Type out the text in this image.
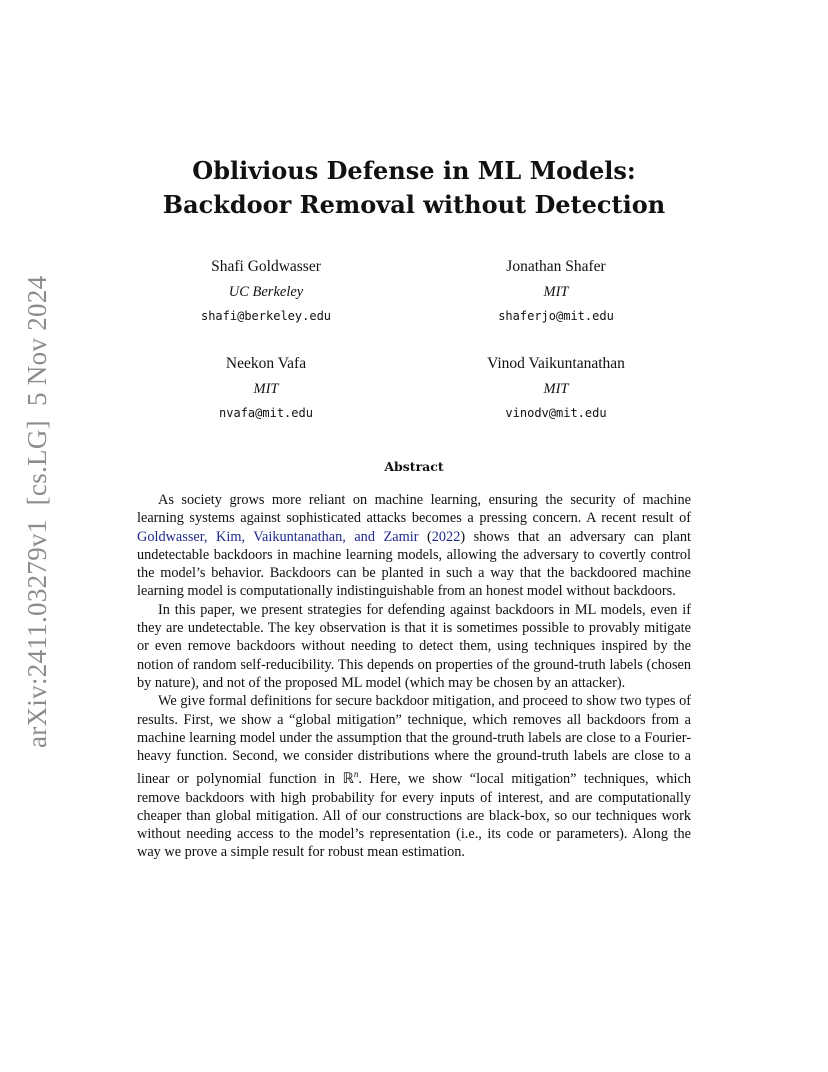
arXiv:2411.03279v1[cs.LG]5 Nov 2024
Oblivious Defense in ML Models:
Backdoor Removal without Detection
Shafi Goldwasser
UC Berkeley
shafi@berkeley.edu
Jonathan Shafer
MIT
shaferjo@mit.edu
Neekon Vafa
MIT
nvafa@mit.edu
Vinod Vaikuntanathan
MIT
vinodv@mit.edu
Abstract

As society grows more reliant on machine learning, ensuring the security of machine learning systems against sophisticated attacks becomes a pressing concern. A recent result of Goldwasser, Kim, Vaikuntanathan, and Zamir (2022) shows that an adversary can plant undetectable backdoors in machine learning models, allowing the adversary to covertly control the model’s behavior. Backdoors can be planted in such a way that the backdoored machine learning model is computationally indistinguishable from an honest model without backdoors.

In this paper, we present strategies for defending against backdoors in ML models, even if they are undetectable. The key observation is that it is sometimes possible to provably mitigate or even remove backdoors without needing to detect them, using techniques inspired by the notion of random self-reducibility. This depends on properties of the ground-truth labels (chosen by nature), and not of the proposed ML model (which may be chosen by an attacker).

We give formal definitions for secure backdoor mitigation, and proceed to show two types of results. First, we show a “global mitigation” technique, which removes all backdoors from a machine learning model under the assumption that the ground-truth labels are close to a Fourier-heavy function. Second, we consider distributions where the ground-truth labels are close to a linear or polynomial function in ℝ$^n$. Here, we show “local mitigation” techniques, which remove backdoors with high probability for every inputs of interest, and are computationally cheaper than global mitigation. All of our constructions are black-box, so our techniques work without needing access to the model’s representation (i.e., its code or parameters). Along the way we prove a simple result for robust mean estimation.
